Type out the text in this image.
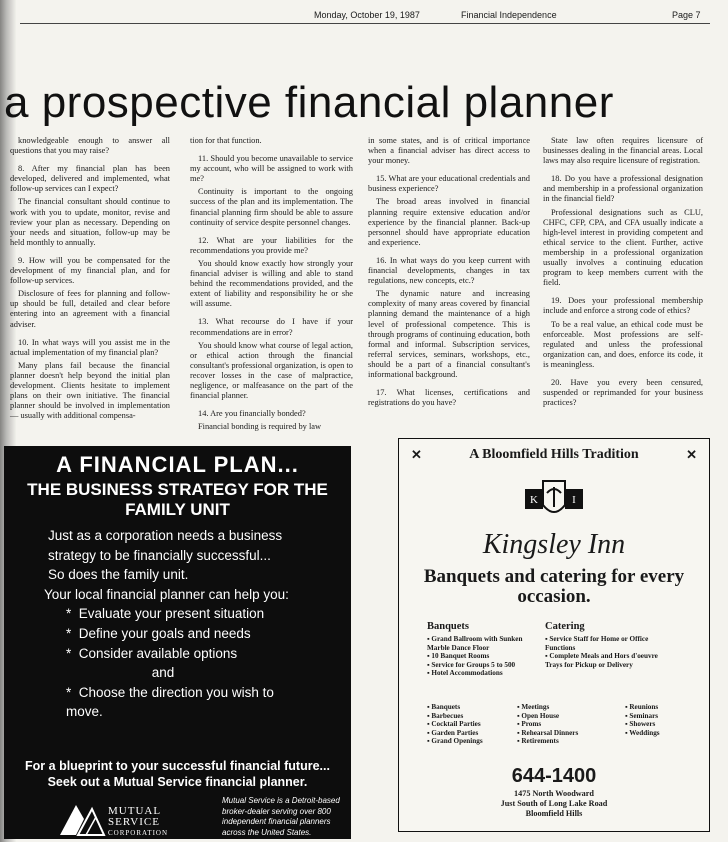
Monday, October 19, 1987	Financial Independence	Page 7
a prospective financial planner

knowledgeable enough to answer all questions that you may raise?

8. After my financial plan has been developed, delivered and implemented, what follow-up services can I expect?

The financial consultant should continue to work with you to update, monitor, revise and review your plan as necessary. Depending on your needs and situation, follow-up may be held monthly to annually.

9. How will you be compensated for the development of my financial plan, and for follow-up services.

Disclosure of fees for planning and follow-up should be full, detailed and clear before entering into an agreement with a financial adviser.

10. In what ways will you assist me in the actual implementation of my financial plan?

Many plans fail because the financial planner doesn't help beyond the initial plan development. Clients hesitate to implement plans on their own initiative. The financial planner should be involved in implementation — usually with additional compensa-

tion for that function.

11. Should you become unavailable to service my account, who will be assigned to work with me?

Continuity is important to the ongoing success of the plan and its implementation. The financial planning firm should be able to assure continuity of service despite personnel changes.

12. What are your liabilities for the recommendations you provide me?

You should know exactly how strongly your financial adviser is willing and able to stand behind the recommendations provided, and the extent of liability and responsibility he or she will assume.

13. What recourse do I have if your recommendations are in error?

You should know what course of legal action, or ethical action through the financial consultant's professional organization, is open to recover losses in the case of malpractice, negligence, or malfeasance on the part of the financial planner.

14. Are you financially bonded?

Financial bonding is required by law

in some states, and is of critical importance when a financial adviser has direct access to your money.

15. What are your educational credentials and business experience?

The broad areas involved in financial planning require extensive education and/or experience by the financial planner. Back-up personnel should have appropriate education and experience.

16. In what ways do you keep current with financial developments, changes in tax regulations, new concepts, etc.?

The dynamic nature and increasing complexity of many areas covered by financial planning demand the maintenance of a high level of professional competence. This is through programs of continuing education, both formal and informal. Subscription services, referral services, seminars, workshops, etc., should be a part of a financial consultant's informational background.

17. What licenses, certifications and registrations do you have?

State law often requires licensure of businesses dealing in the financial areas. Local laws may also require licensure of registration.

18. Do you have a professional designation and membership in a professional organization in the financial field?

Professional designations such as CLU, CHFC, CFP, CPA, and CFA usually indicate a high-level interest in providing competent and ethical service to the client. Further, active membership in a professional organization usually involves a continuing education program to keep members current with the field.

19. Does your professional membership include and enforce a strong code of ethics?

To be a real value, an ethical code must be enforceable. Most professions are self-regulated and unless the professional organization can, and does, enforce its code, it is meaningless.

20. Have you every been censured, suspended or reprimanded for your business practices?

A FINANCIAL PLAN...
THE BUSINESS STRATEGY FOR THE FAMILY UNIT
Just as a corporation needs a business
strategy to be financially successful...
So does the family unit.
Your local financial planner can help you:
*  Evaluate your present situation
*  Define your goals and needs
*  Consider available options
and
*  Choose the direction you wish to move.
For a blueprint to your successful financial future...
Seek out a Mutual Service financial planner.
MUTUAL
SERVICE
CORPORATION
Mutual Service is a Detroit-based broker-dealer serving over 800 independent financial planners across the United States.
✕	A Bloomfield Hills Tradition	✕
K	I
Kingsley Inn
Banquets and catering for every occasion.
Banquets
▪ Grand Ballroom with Sunken Marble Dance Floor
▪ 10 Banquet Rooms
▪ Service for Groups 5 to 500
▪ Hotel Accommodations
Catering
▪ Service Staff for Home or Office Functions
▪ Complete Meals and Hors d'oeuvre Trays for Pickup or Delivery
▪ Banquets
▪ Barbecues
▪ Cocktail Parties
▪ Garden Parties
▪ Grand Openings
▪ Meetings
▪ Open House
▪ Proms
▪ Rehearsal Dinners
▪ Retirements
▪ Reunions
▪ Seminars
▪ Showers
▪ Weddings
644-1400
1475 North Woodward
Just South of Long Lake Road
Bloomfield Hills
